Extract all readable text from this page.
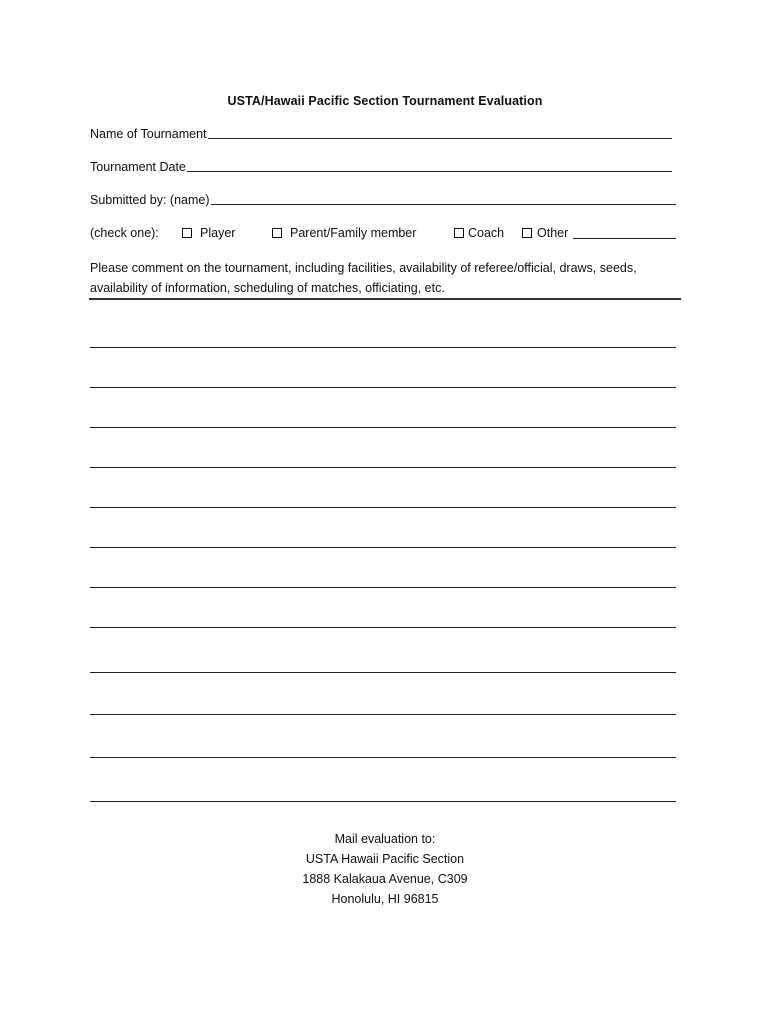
USTA/Hawaii Pacific Section Tournament Evaluation
Name of Tournament
Tournament Date
Submitted by: (name)
(check one):	Player	Parent/Family member	Coach	Other
Please comment on the tournament, including facilities, availability of referee/official, draws, seeds, availability of information, scheduling of matches, officiating, etc.
Mail evaluation to:
USTA Hawaii Pacific Section
1888 Kalakaua Avenue, C309
Honolulu, HI 96815
